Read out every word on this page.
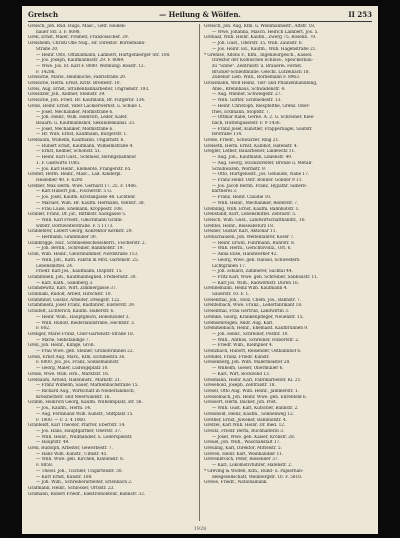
Greisch	— Heilung & Wölfen.	II 253
Greisch, Joh. Rud. Hugo, Masc., Getr. Heiden-
nauer Str. 3. F. 8098.
Grell, Ernst, Maler, Freiheit, Französischer. 29.
Grelsheim, Christi Olle Nug., Hr. Direktor. Bornemann-
Straße 20.
— Heinr. Otto, Offizialmann, Lambert, Hürtgenberger Str. 108.
— Jos. Joseph, Kaufmannsstr. 29. F. 8089.
— Wwe. Jos. St. Karl F. 8089. Wohnung: Rosstr. 12.
F. 14286.
Greisiche, Marie, Heimküche, Fabristraße 29.
Greisiche, Herm. Ernst, Kritz. Breitestr. 10.
Greis, Aug. Ernst, Straßenbahnarbeiter, Ungriebstr. 193.
Greisitzer, Joh., Kellner, Steinstr. 39.
Greisiche, Joh. Fried. Hr. Kaufmann, Br. Fürgerbr. 134.
Greib, Heinr. Ernst, Vater Lackierwerkst. u. Schule 1.
— Josef, Mechaniker, Moltkstraße 6.
— Joh. Heinr., Wilh. Heinrich, Leder, Käfer.
Bauarb. u. Kaufmannshof, Sekundenkanal. 33.
— Josef, Mechaniker, Moltkstraße 6.
— Hr. Wilh. Ernst, Kaufmann, Bürgerstr. 1.
Grelbaum, Wilhelm, Kaufmann, Ungarnstr. 6.
— Hubert Ernst, Kaufmann, Wilhelmstraße 4.
— Ernst, Kellner, Schönstr. 51.
— Heinr. Karl Gust., Schmied, Heringsbahnhof
1. F. Gastwirte 1085.
— Jos. Karl Heinr., Elemente, Frangerstr. 65.
Grelter, Herm. Heinr., Masc., Lad. Kinderpl.
Heidelber 40. F. 6200.
Grelber, Max Herm. Wwe. Gerhard 17. 25. F. 1406.
— Karl Hubert Joh., Fischerstr. 5 G.
— Jos. Josef, Kaufm. Kristallgasse 48. Lichtenr.
— Mariaet, Wilh. Hr. Kaufm. Hermann, Ventstr. 38.
— Frau Luise, Ehemann, Kröppestr. 108.
Grabler, Franz, Dr. jur., Rittmstr. Sackgasse 5.
— Wilh. Karl Friedr., Gleichmann Gräfin-
wiltstr. Dornweiterstraße. F. 5 1173.
Grablehrer, Lobert Georg, Konrektor Kerkstr. 29.
— Hermann, Grabmüller 30.
Grabbrigge, Hur., Schmiedeschlossherrl., Fischerstr. 2.
— Joh. Bernh., Schreiner, Bahnhofstr. 19.
Grah, Wilh. Heinr., Gleichnummer, Nordstraße 113.
— Wilh. Joh., Kath. Fabrik in Mrd. Gartenstr. 25.
Lebensmittel. 24.
Friedr. Karl Jos., Kaufmann, Dispfstr. 15.
Grammhelb, Joh., Kaufmannsglied, Frehlersstr. 30.
— Karl, Kath., Sandberg 3.
Gramdewitz, Karl, Wirt, Zimmergasse 37.
Grannalb, Rudolf, Arbeit, Hirschstr. 10.
Grammhof, Gustav, Arbeiter, Dreiigstr. 122.
Grammkehl, Josef Franz, Radfahrer, Elisterstr. 39.
Graufelt, Lichterich, Kaufm. Haberstr. 6.
— Heinr. Wilh., Hauptgleich, Hohenzoller 3.
— Wilh. Rudolf, Riederlandstraße, Hechtstr. 3.
F. 602.
Grellger, Marie Franz, Cher-Gartenstr.-Straße 18.
— Marie, Selbständige 7.
Grell, Joh. Heinr., Klinge, Groß.
— Frau Wwe. geb. Steiner, Grünebrunnen 22.
Greib, Ernst Aug. Marx., Kfm. Elchmestra 36.
F. 6000. Jos. Jos. Franz, Sonnemannstr.
— Georg, Maler, Ludwigsplatz 10.
Greile, Wwe. Wilh. Hrn., Marktstr. 16.
Grelbaum, Arnold, Hafenmstr., Markstr. 21.
— Franz Wilhelm, Sauer, Markenbachstraße 15.
— Richard Aug., Wirtschaft in Niederländisch,
Kreisherbstr. und Meerwaldstr. 16.
Grahm, Heinrich Georg, Kaufm. Wilhelmplatz, str. 56.
— Jos., Kaufm., Herm. 14.
— Aug. Ferdinand Wilh. Kunstr., Stiftplatz 15.
F. 1000. — F. 3. 4 1060.
Grabfeldt, Karl Theodor, Pfarrer, Ebertstr. 14.
— Jos. Hans, Hauptgärtner, Oberstr. 37.
— Wilh. Heinr., Wildhändler, u. Lederspielstr.
— Hauptstr. 49.
Grell, Rudolph, Arbeiter, Gewerbestr. 7.
— Hans Wilh. Kunstr., Ulmstr. 45.
— Wilh. Wwe. geb. Kirchen, Kinnenstr. 8.
F. 8858.
— Theod. Joh., Tischler, Ungartenstr. 50.
— Kurt Ernst, Kunstr. 108.
— Joh. Wilh., Schreiberarbeiter, Erlenbach 2.
Grafmann, Heinr., Schlosser, Ortsstr. 23.
Gramann, Robert Friedr., Elektromonteur, Bahnstr. 32.
Greisch, Joh. Aug. Kfm. u. Weinmannsstr., Altstr. 18.
— Wwe. Johanna, Masch. Heirich Lambert, Jos. 5.
Grenaaf, Wilh. Heinr. Kaufm., Zwerg 75, Rosenb. 70.
— Joh. Gust., Oberstr. 35, Wilh. Zaunstr. 6.
— Jos. Heinr. Ed., Kaufm., Wilh. Hagenstraße 21.
* Gremse, Alfons F., Kfm., Ingenieurgesch., Kassel.
Direktor der Kölnischen Schloss-, Speicherbau-
zu "Sinne". Zentralstr. u. Brauerei. Fernst.
Brücker-Schleifmühle. Geschl. Lützelbach 18.
Zubehör Lieb. Wilh., Bornemann F. 8963.
Grossmann, Wolf Heinz, Tier- und Pflanzenhandlung,
Ahle., Brennhaus, Schwadenstr. 4.
— Aug. Wanner, Schwiegeltr. 27.
— Wilh. Glitter, Schmiedestr. 13.
— Heinr. Christoph, Riespfelthe, Grenz. Ober-
fries, Erdmann, Stopfstr. 7.
— Ottmar Rabe, Gerne. A. 2. G. Schreiner, Klee-
bach, Hüttengassestr. F. 9 1436.
— Franz Josef, Künstler, Frappernagel, Saufstr.
ferstraße 114.
Grelle, Friedr., Schwarzer, Ring 21.
Grelseth, Herm. Ernst, Kalbhof, Hafenstr. 4.
Gregler, Lether, Bauarbeiter, Lindewitz 11.
— Aug. Joh., Kaufmann, Linienstr. 49.
— Aug. Georg, Stuckzureiter, Bronze u. Metall-
Schuhwaren, Wormstr. 9.
— Otto, Hürtgensstr., Jos. Gebäude, Nahe 17.
— Franz Heinr. Ostr. Bonner. Gonder 9 11.
— Jos. Jacob Bernh. Franz, Hypathr. Silbern-
kärtnerei 3.
— Franz, Heinr. Claudie 10.
— Wilh. Heinr., Mechaniker, Reiferstr. 7.
Gremling, Wilh. Ernst, Kaufm. Bahnhofstr. 1.
Grebstahlf, Kurt, Lebensmittel. Zebrastr. 5.
Greisch, Wilh. Gust., Landwirtschafthändlr., 16.
Grehtel, Heinr., Reiseabsturz 18.
Greiner, Gustav Karl, Aktionär 11.
Grenschausen, Joh. Weltenfahrer, Koser 7.
— Heinr. Erwin, Fuhrmann, Ruhrstr. 8.
— Wilh. Herm., Gerichtsvollz., Ort. 6.
— Anna Elise, Handwerker 42.
— Georg, Wwe. geb. Hansel, Schwestern
Lichtgraben 17.
— Joh. Eduard, Zimmerer, Sacktal 44.
— Fritz Karl, Wwe. geb. Schreiber, Sabbaustr. 11.
— Karl Jos. Wilh., Radwerkstr. Düren 16.
Grennemann, Heinz Wilh. Kaufmann 4.
Sauerstr. 10. F. 1.
Greienthal, Joh., Holz, Chem. Jos., Bahnstr. 7.
Grenfelbach, Wwe. Franz., Lederfabrikant 18.
Greienthal, Frau Gertrud, Landwirtin 3.
Gremke, Georg, Krankenpfleger, Neuenstr. 15.
Gremsenreigen, Andr. Aug. Karl.
Gremmelbach, Heinr., Ehemalst. Kaufbrunnen 9.
— Joh. Heinr., Schreiner, Postbr. 10.
— Wilh., Anthus, Schreiner, Hubertstr. 2.
— Friedr. Wilh., Klempner 4.
Grenzbach, Hubert, Reisender, Ostbahnhof 6.
Grendel, Franz, Friedr. Kunstr.
Gresenberg, Joh. Wilh. Malermeister 28.
— Wilhelm, Gieser, Obermüller 6.
— Karl, Wirt, Bockwind 13.
Gresmann, Heinr. Karl, Fabrikarbeiter, Kl. 21.
Gresehold, Joseph, Zentralstr. 18.
Gresel, Otto Aug. Wilh. Heinr., Jammerstr. 1.
Gresselbach, Joh. Heinr. Wwe. geb. Ehrenfeld 6.
Gressert, Herm. Bäcker, Joh. Post.
— Wilh. Gust. Karl, Kutscher, Bahnstr. 2.
Gresshold, Heinz, Kaufm., Sonnenweg 12.
Grether, Ernst, Juwelier, Bahnhofstr. 4.
Gretzel, Karl Wilh. Heinr. Dr. med. 12.
Greutz, Friedr. Berta, Buchhalterin 3.
— Josef, Wwe. geb. Kaiser, Kronstr. 28.
Greuel, Joh. Wilh., Waschanstalt 17.
Greuling, Karl, Direktor, Mittelstr. 5.
Greven, Heinr. Karl, Weinhändler 11.
Grevenbroich, Peter, Reisender 37.
— Karl, Lokomotivführer, Hafenstr. 2.
* Greving & Wölfen, Kfm., Rund- u. Papierhan-
delsgesellschaft, Weinbergstr. 10. F. 5818.
Grewe, Friedr., Nationalbank.
1928
